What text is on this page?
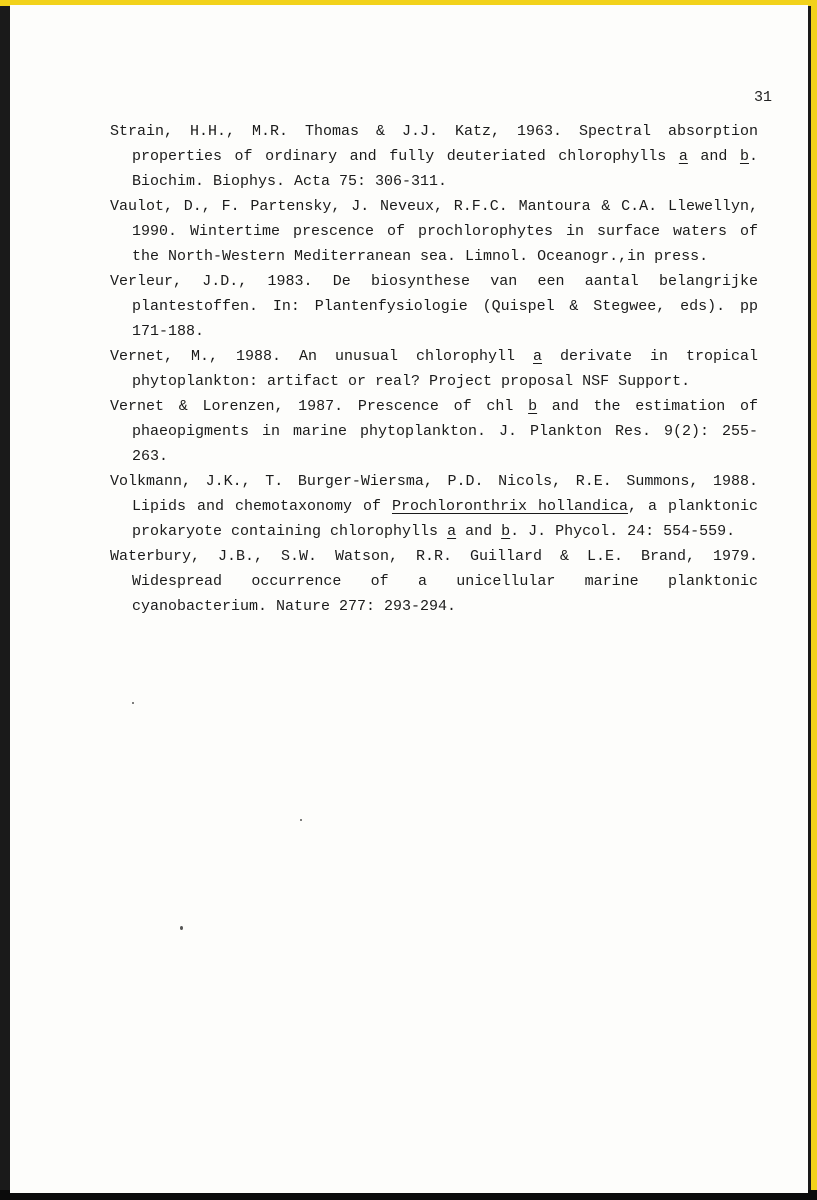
31

Strain, H.H., M.R. Thomas & J.J. Katz, 1963. Spectral absorption properties of ordinary and fully deuteriated chlorophylls a and b. Biochim. Biophys. Acta 75: 306-311.

Vaulot, D., F. Partensky, J. Neveux, R.F.C. Mantoura & C.A. Llewellyn, 1990. Wintertime prescence of prochlorophytes in surface waters of the North-Western Mediterranean sea. Limnol. Oceanogr.,in press.

Verleur, J.D., 1983. De biosynthese van een aantal belangrijke plantestoffen. In: Plantenfysiologie (Quispel & Stegwee, eds). pp 171-188.

Vernet, M., 1988. An unusual chlorophyll a derivate in tropical phytoplankton: artifact or real? Project proposal NSF Support.

Vernet & Lorenzen, 1987. Prescence of chl b and the estimation of phaeopigments in marine phytoplankton. J. Plankton Res. 9(2): 255-263.

Volkmann, J.K., T. Burger-Wiersma, P.D. Nicols, R.E. Summons, 1988. Lipids and chemotaxonomy of Prochloronthrix hollandica, a planktonic prokaryote containing chlorophylls a and b. J. Phycol. 24: 554-559.

Waterbury, J.B., S.W. Watson, R.R. Guillard & L.E. Brand, 1979. Widespread occurrence of a unicellular marine planktonic cyanobacterium. Nature 277: 293-294.
